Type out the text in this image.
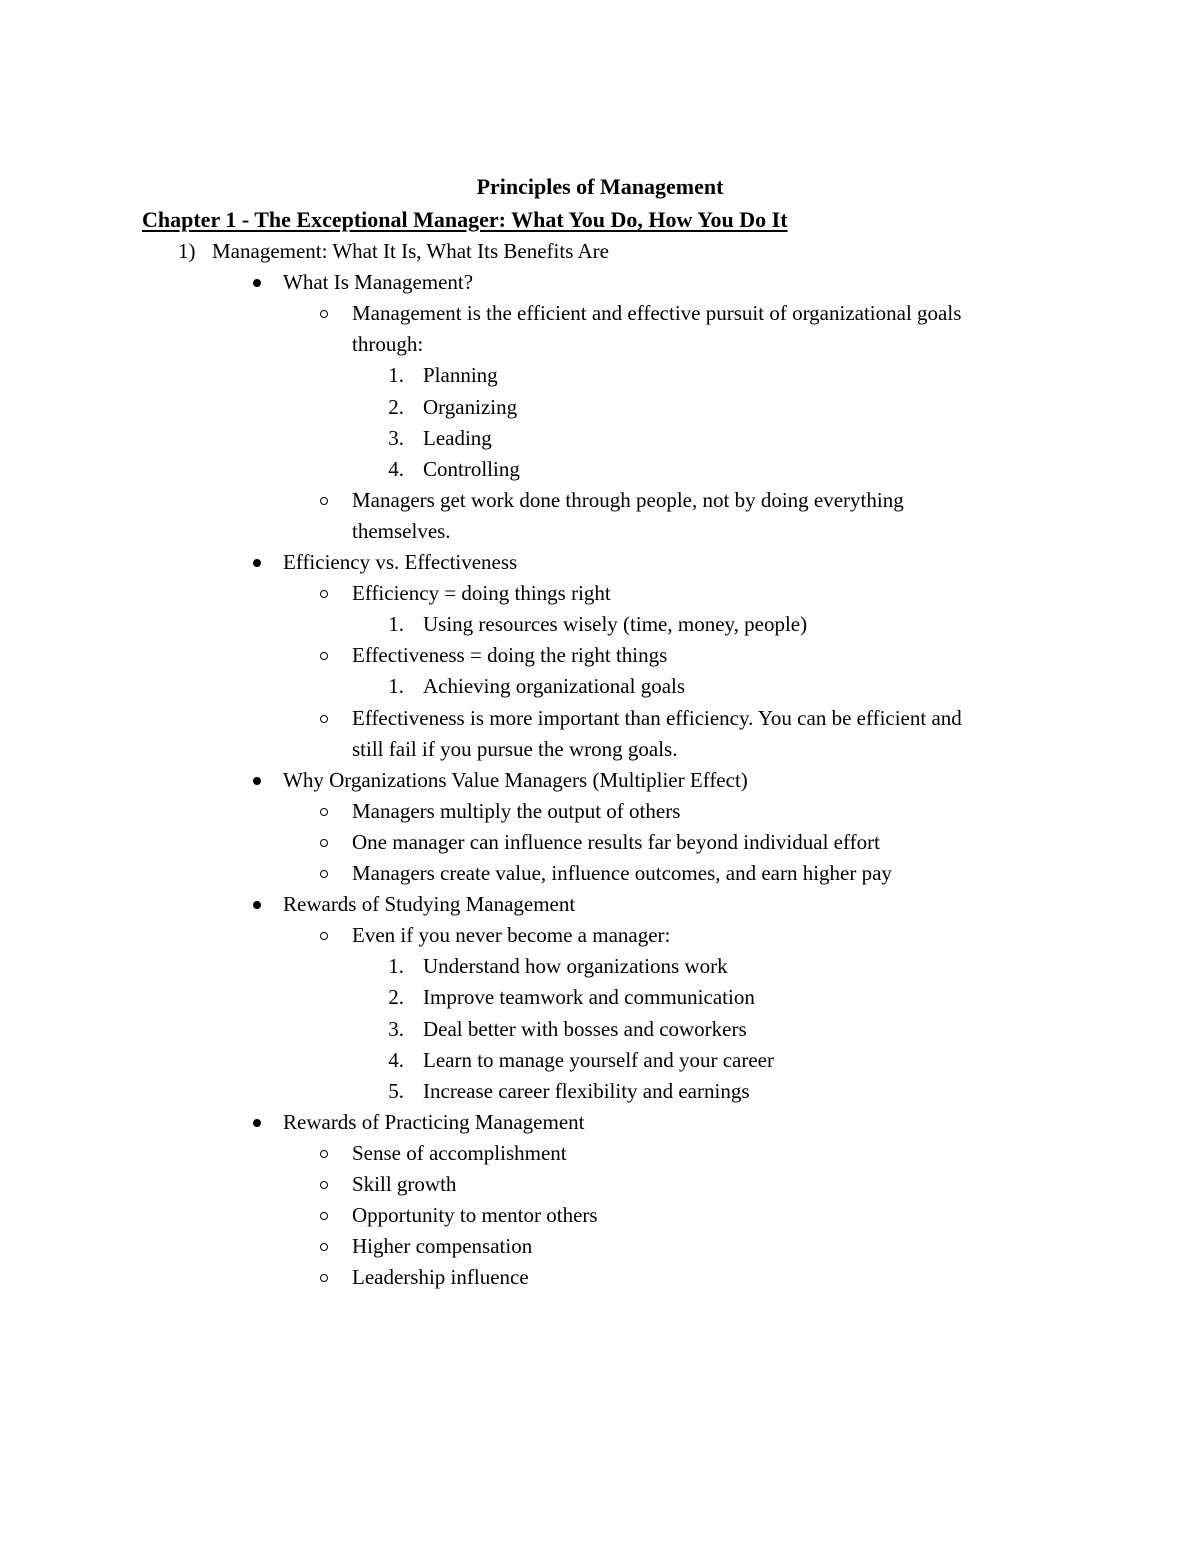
Principles of Management
Chapter 1 - The Exceptional Manager: What You Do, How You Do It
1) Management: What It Is, What Its Benefits Are
What Is Management?
Management is the efficient and effective pursuit of organizational goals
through:
1. Planning
2. Organizing
3. Leading
4. Controlling
Managers get work done through people, not by doing everything
themselves.
Efficiency vs. Effectiveness
Efficiency = doing things right
1. Using resources wisely (time, money, people)
Effectiveness = doing the right things
1. Achieving organizational goals
Effectiveness is more important than efficiency. You can be efficient and
still fail if you pursue the wrong goals.
Why Organizations Value Managers (Multiplier Effect)
Managers multiply the output of others
One manager can influence results far beyond individual effort
Managers create value, influence outcomes, and earn higher pay
Rewards of Studying Management
Even if you never become a manager:
1. Understand how organizations work
2. Improve teamwork and communication
3. Deal better with bosses and coworkers
4. Learn to manage yourself and your career
5. Increase career flexibility and earnings
Rewards of Practicing Management
Sense of accomplishment
Skill growth
Opportunity to mentor others
Higher compensation
Leadership influence
